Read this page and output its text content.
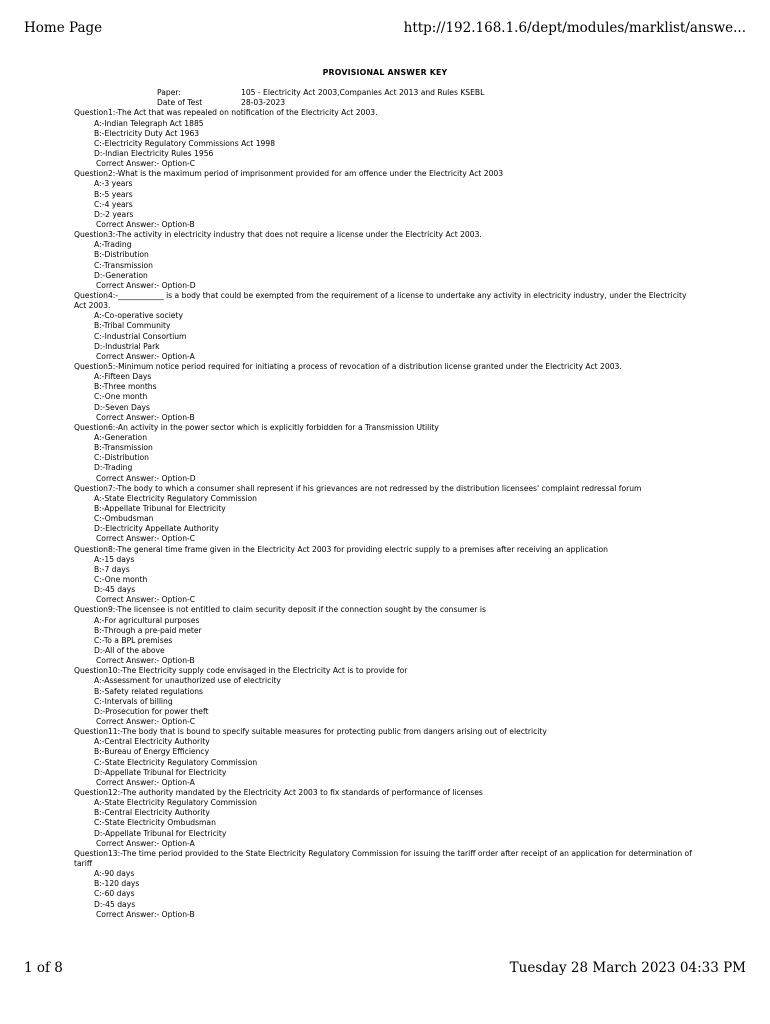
Home Page	http://192.168.1.6/dept/modules/marklist/answe...
PROVISIONAL ANSWER KEY
Paper:	105 - Electricity Act 2003,Companies Act 2013 and Rules KSEBL
Date of Test	28-03-2023
Question1:-The Act that was repealed on notification of the Electricity Act 2003.
A:-Indian Telegraph Act 1885
B:-Electricity Duty Act 1963
C:-Electricity Regulatory Commissions Act 1998
D:-Indian Electricity Rules 1956
Correct Answer:- Option-C
Question2:-What is the maximum period of imprisonment provided for am offence under the Electricity Act 2003
A:-3 years
B:-5 years
C:-4 years
D:-2 years
Correct Answer:- Option-B
Question3:-The activity in electricity industry that does not require a license under the Electricity Act 2003.
A:-Trading
B:-Distribution
C:-Transmission
D:-Generation
Correct Answer:- Option-D
Question4:-____________ is a body that could be exempted from the requirement of a license to undertake any activity in electricity industry, under the Electricity Act 2003.
A:-Co-operative society
B:-Tribal Community
C:-Industrial Consortium
D:-Industrial Park
Correct Answer:- Option-A
Question5:-Minimum notice period required for initiating a process of revocation of a distribution license granted under the Electricity Act 2003.
A:-Fifteen Days
B:-Three months
C:-One month
D:-Seven Days
Correct Answer:- Option-B
Question6:-An activity in the power sector which is explicitly forbidden for a Transmission Utility
A:-Generation
B:-Transmission
C:-Distribution
D:-Trading
Correct Answer:- Option-D
Question7:-The body to which a consumer shall represent if his grievances are not redressed by the distribution licensees' complaint redressal forum
A:-State Electricity Regulatory Commission
B:-Appellate Tribunal for Electricity
C:-Ombudsman
D:-Electricity Appellate Authority
Correct Answer:- Option-C
Question8:-The general time frame given in the Electricity Act 2003 for providing electric supply to a premises after receiving an application
A:-15 days
B:-7 days
C:-One month
D:-45 days
Correct Answer:- Option-C
Question9:-The licensee is not entitled to claim security deposit if the connection sought by the consumer is
A:-For agricultural purposes
B:-Through a pre-paid meter
C:-To a BPL premises
D:-All of the above
Correct Answer:- Option-B
Question10:-The Electricity supply code envisaged in the Electricity Act is to provide for
A:-Assessment for unauthorized use of electricity
B:-Safety related regulations
C:-Intervals of billing
D:-Prosecution for power theft
Correct Answer:- Option-C
Question11:-The body that is bound to specify suitable measures for protecting public from dangers arising out of electricity
A:-Central Electricity Authority
B:-Bureau of Energy Efficiency
C:-State Electricity Regulatory Commission
D:-Appellate Tribunal for Electricity
Correct Answer:- Option-A
Question12:-The authority mandated by the Electricity Act 2003 to fix standards of performance of licenses
A:-State Electricity Regulatory Commission
B:-Central Electricity Authority
C:-State Electricity Ombudsman
D:-Appellate Tribunal for Electricity
Correct Answer:- Option-A
Question13:-The time period provided to the State Electricity Regulatory Commission for issuing the tariff order after receipt of an application for determination of tariff
A:-90 days
B:-120 days
C:-60 days
D:-45 days
Correct Answer:- Option-B
1 of 8	Tuesday 28 March 2023 04:33 PM
